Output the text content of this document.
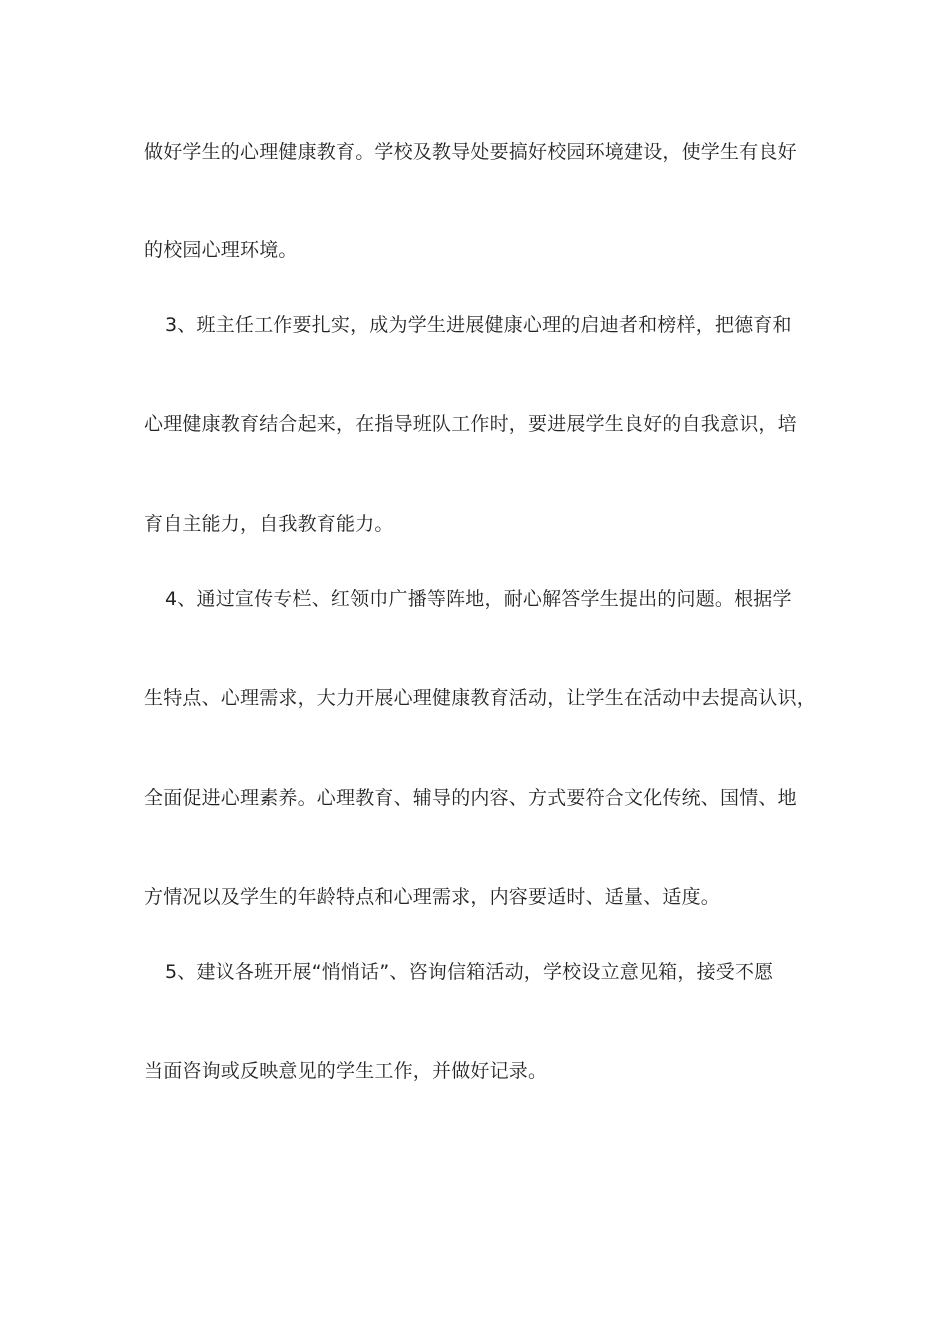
做好学生的心理健康教育。学校及教导处要搞好校园环境建设，使学生有良好
的校园心理环境。
3、班主任工作要扎实，成为学生进展健康心理的启迪者和榜样，把德育和
心理健康教育结合起来，在指导班队工作时，要进展学生良好的自我意识，培
育自主能力，自我教育能力。
4、通过宣传专栏、红领巾广播等阵地，耐心解答学生提出的问题。根据学
生特点、心理需求，大力开展心理健康教育活动，让学生在活动中去提高认识，
全面促进心理素养。心理教育、辅导的内容、方式要符合文化传统、国情、地
方情况以及学生的年龄特点和心理需求，内容要适时、适量、适度。
5、建议各班开展“悄悄话”、咨询信箱活动，学校设立意见箱，接受不愿
当面咨询或反映意见的学生工作，并做好记录。
